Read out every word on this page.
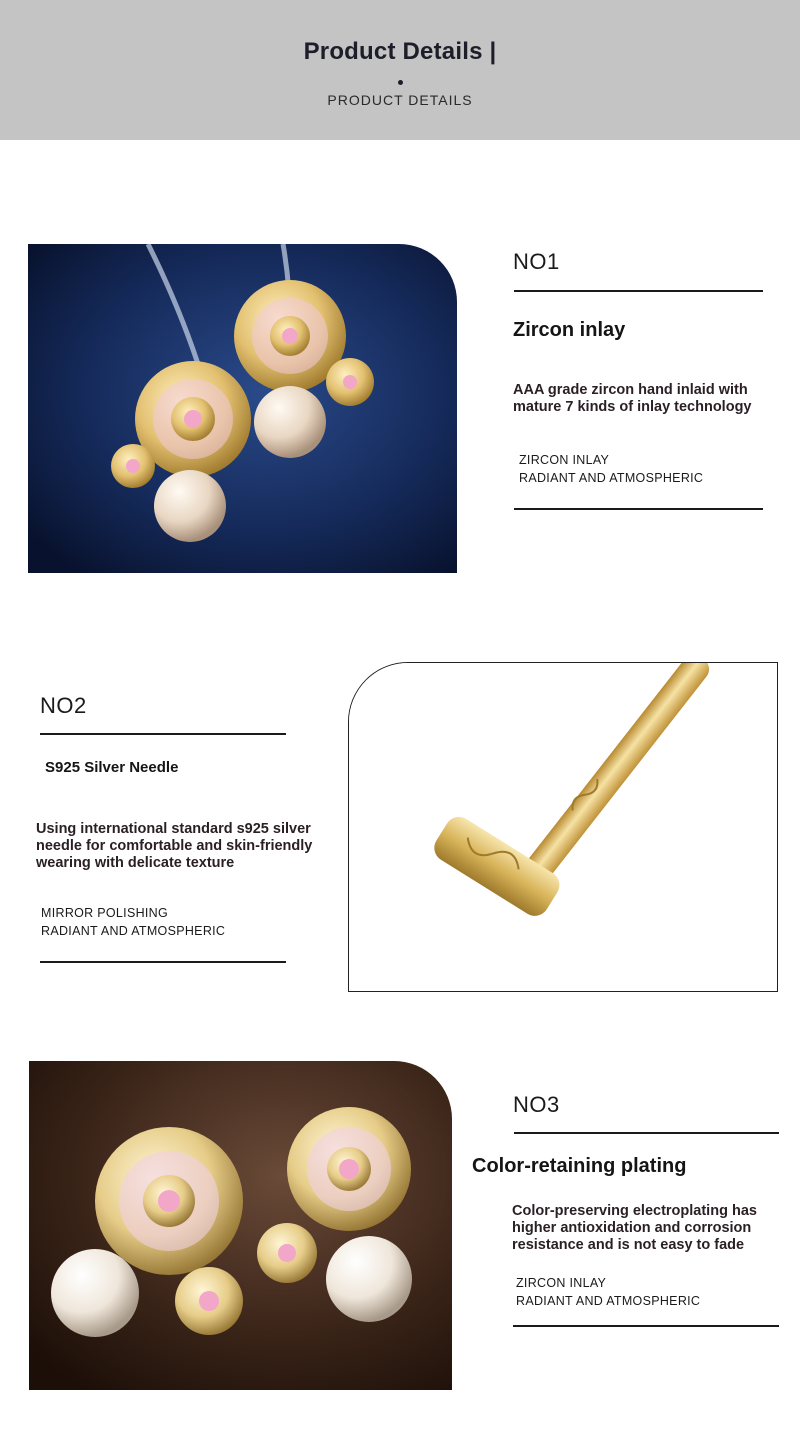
Product Details |
PRODUCT DETAILS
NO1
Zircon inlay
AAA grade zircon hand inlaid with
mature 7 kinds of inlay technology
ZIRCON INLAY
RADIANT AND ATMOSPHERIC
NO2
S925 Silver Needle
Using international standard s925 silver
needle for comfortable and skin-friendly
wearing with delicate texture
MIRROR POLISHING
RADIANT AND ATMOSPHERIC
NO3
Color-retaining plating
Color-preserving electroplating has
higher antioxidation and corrosion
resistance and is not easy to fade
ZIRCON INLAY
RADIANT AND ATMOSPHERIC
